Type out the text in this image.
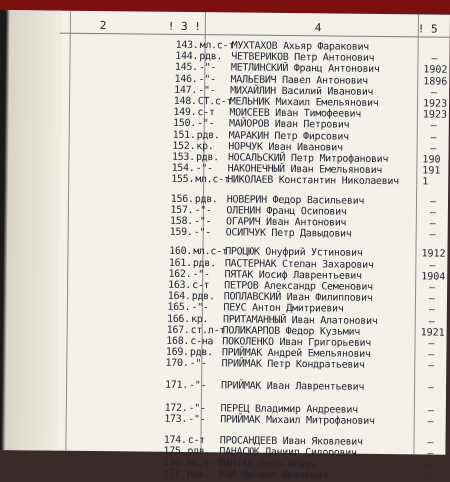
2	! 3 !	4	! 5
143.мл.с-тМУХТАХОВ Ахьяр Фаракович
144.рдв. ЧЕТВЕРИКОВ Петр Антонович	–
145.-"- МЕТЛИНСКИЙ Франц Антонович	1902
146.-"- МАЛЬЕВИЧ Павел Антонович	1896
147.-"- МИХАЙЛИН Василий Иванович	–
148.СТ.с-тМЕЛЬНИК Михаил Емельянович	1923
149.с-т МОИСЕЕВ Иван Тимофеевич	1923
150.-"- МАЙОРОВ Иван Петрович	–
151.рдв. МАРАКИН Петр Фирсович	–
152.кр. НОРЧУК Иван Иванович	–
153.рдв. НОСАЛЬСКИЙ Петр Митрофанович	190
154.-"- НАКОНЕЧНЫЙ Иван Емельянович	191
155.мл.с-тНИКОЛАЕВ Константин Николаевич 1
156.рдв. НОВЕРИН Федор Васильевич	–
157.-"- ОЛЕНИН Франц Осипович	–
158.-"- ОГАРИЧ Иван Антонович	–
159.-"- ОСИПЧУК Петр Давыдович	–
160.мл.с-тПРОЦЮК Онуфрий Устинович	1912
161.рдв. ПАСТЕРНАК Степан Захарович	–
162.-"- ПЯТАК Иосиф Лаврентьевич	1904
163.с-т ПЕТРОВ Александр Семенович	–
164.рдв. ПОПЛАВСКИЙ Иван Филиппович	–
165.-"- ПЕУС Антон Дмитриевич	–
166.кр. ПРИТАМАННЫЙ Иван Алатонович	–
167.ст.л-тПОЛИКАРПОВ Федор Кузьмич	1921
168.с-на ПОКОЛЕНКО Иван Григорьевич	–
169.рдв. ПРИЙМАК Андрей Емельянович	–
170.-"- ПРИЙМАК Петр Кондратьевич	–
171.-"- ПРИЙМАК Иван Лаврентьевич	–
172.-"- ПЕРЕЦ Владимир Андреевич	–
173.-"- ПРИЙМАК Михаил Митрофанович	–
174.с-т ПРОСАНДЕЕВ Иван Яковлевич	–
175.рдв. ПАНАСЮК Даниил Сидорович	–
176.мл.с-тПАНТАК Петр Ильич	–
177.рдв. РАК Михаил Иванович	–
